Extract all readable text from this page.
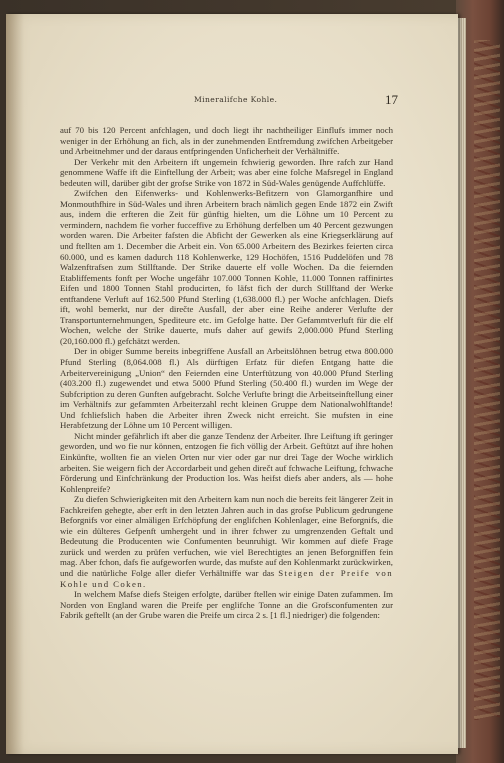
Mineralifche Kohle.	17

auf 70 bis 120 Percent anfchlagen, und doch liegt ihr nachtheiliger Einflufs immer noch weniger in der Erhöhung an fich, als in der zunehmenden Entfremdung zwifchen Arbeitgeber und Arbeitnehmer und der daraus entfpringenden Unficherheit der Verhältniffe.

Der Verkehr mit den Arbeitern ift ungemein fchwierig geworden. Ihre rafch zur Hand genommene Waffe ift die Einftellung der Arbeit; was aber eine folche Mafsregel in England bedeuten will, darüber gibt der grofse Strike von 1872 in Süd-Wales genügende Auffchlüffe.

Zwifchen den Eifenwerks- und Kohlenwerks-Befitzern von Glamorganfhire und Monmouthfhire in Süd-Wales und ihren Arbeitern brach nämlich gegen Ende 1872 ein Zwift aus, indem die erfteren die Zeit für günftig hielten, um die Löhne um 10 Percent zu vermindern, nachdem fie vorher fucceffive zu Erhöhung derfelben um 40 Percent gezwungen worden waren. Die Arbeiter fafsten die Abficht der Gewerken als eine Kriegserklärung auf und ftellten am 1. December die Arbeit ein. Von 65.000 Arbeitern des Bezirkes feierten circa 60.000, und es kamen dadurch 118 Kohlenwerke, 129 Hochöfen, 1516 Puddelöfen und 78 Walzenftrafsen zum Stillftande. Der Strike dauerte elf volle Wochen. Da die feiernden Etabliffements fonft per Woche ungefähr 107.000 Tonnen Kohle, 11.000 Tonnen raffinirtes Eifen und 1800 Tonnen Stahl producirten, fo läfst fich der durch Stillftand der Werke entftandene Verluft auf 162.500 Pfund Sterling (1,638.000 fl.) per Woche anfchlagen. Diefs ift, wohl bemerkt, nur der direčte Ausfall, der aber eine Reihe anderer Verlufte der Transportunternehmungen, Spediteure etc. im Gefolge hatte. Der Gefammtverluft für die elf Wochen, welche der Strike dauerte, mufs daher auf gewifs 2,000.000 Pfund Sterling (20,160.000 fl.) gefchätzt werden.

Der in obiger Summe bereits inbegriffene Ausfall an Arbeitslöhnen betrug etwa 800.000 Pfund Sterling (8,064.008 fl.) Als dürftigen Erfatz für diefen Entgang hatte die Arbeitervereinigung „Union“ den Feiernden eine Unterftützung von 40.000 Pfund Sterling (403.200 fl.) zugewendet und etwa 5000 Pfund Sterling (50.400 fl.) wurden im Wege der Subfcription zu deren Gunften aufgebracht. Solche Verlufte bringt die Arbeitseinftellung einer im Verhältnifs zur gefammten Arbeiterzahl recht kleinen Gruppe dem Nationalwohlftande! Und fchliefslich haben die Arbeiter ihren Zweck nicht erreicht. Sie mufsten in eine Herabfetzung der Löhne um 10 Percent willigen.

Nicht minder gefährlich ift aber die ganze Tendenz der Arbeiter. Ihre Leiftung ift geringer geworden, und wo fie nur können, entzogen fie fich völlig der Arbeit. Geftützt auf ihre hohen Einkünfte, wollten fie an vielen Orten nur vier oder gar nur drei Tage der Woche wirklich arbeiten. Sie weigern fich der Accordarbeit und gehen direčt auf fchwache Leiftung, fchwache Förderung und Einfchränkung der Production los. Was heifst diefs aber anders, als — hohe Kohlenpreife?

Zu diefen Schwierigkeiten mit den Arbeitern kam nun noch die bereits feit längerer Zeit in Fachkreifen gehegte, aber erft in den letzten Jahren auch in das grofse Publicum gedrungene Beforgnifs vor einer almäligen Erfchöpfung der englifchen Kohlenlager, eine Beforgnifs, die wie ein dülteres Gefpenft umhergeht und in ihrer fchwer zu umgrenzenden Geftalt und Bedeutung die Producenten wie Confumenten beunruhigt. Wir kommen auf diefe Frage zurück und werden zu prüfen verfuchen, wie viel Berechtigtes an jenen Beforgniffen fein mag. Aber fchon, dafs fie aufgeworfen wurde, das mufste auf den Kohlenmarkt zurückwirken, und die natürliche Folge aller diefer Verhältniffe war das Steigen der Preife von Kohle und Coken.

In welchem Mafse diefs Steigen erfolgte, darüber ftellen wir einige Daten zufammen. Im Norden von England waren die Preife per englifche Tonne an die Grofsconfumenten zur Fabrik geftellt (an der Grube waren die Preife um circa 2 s. [1 fl.] niedriger) die folgenden:
